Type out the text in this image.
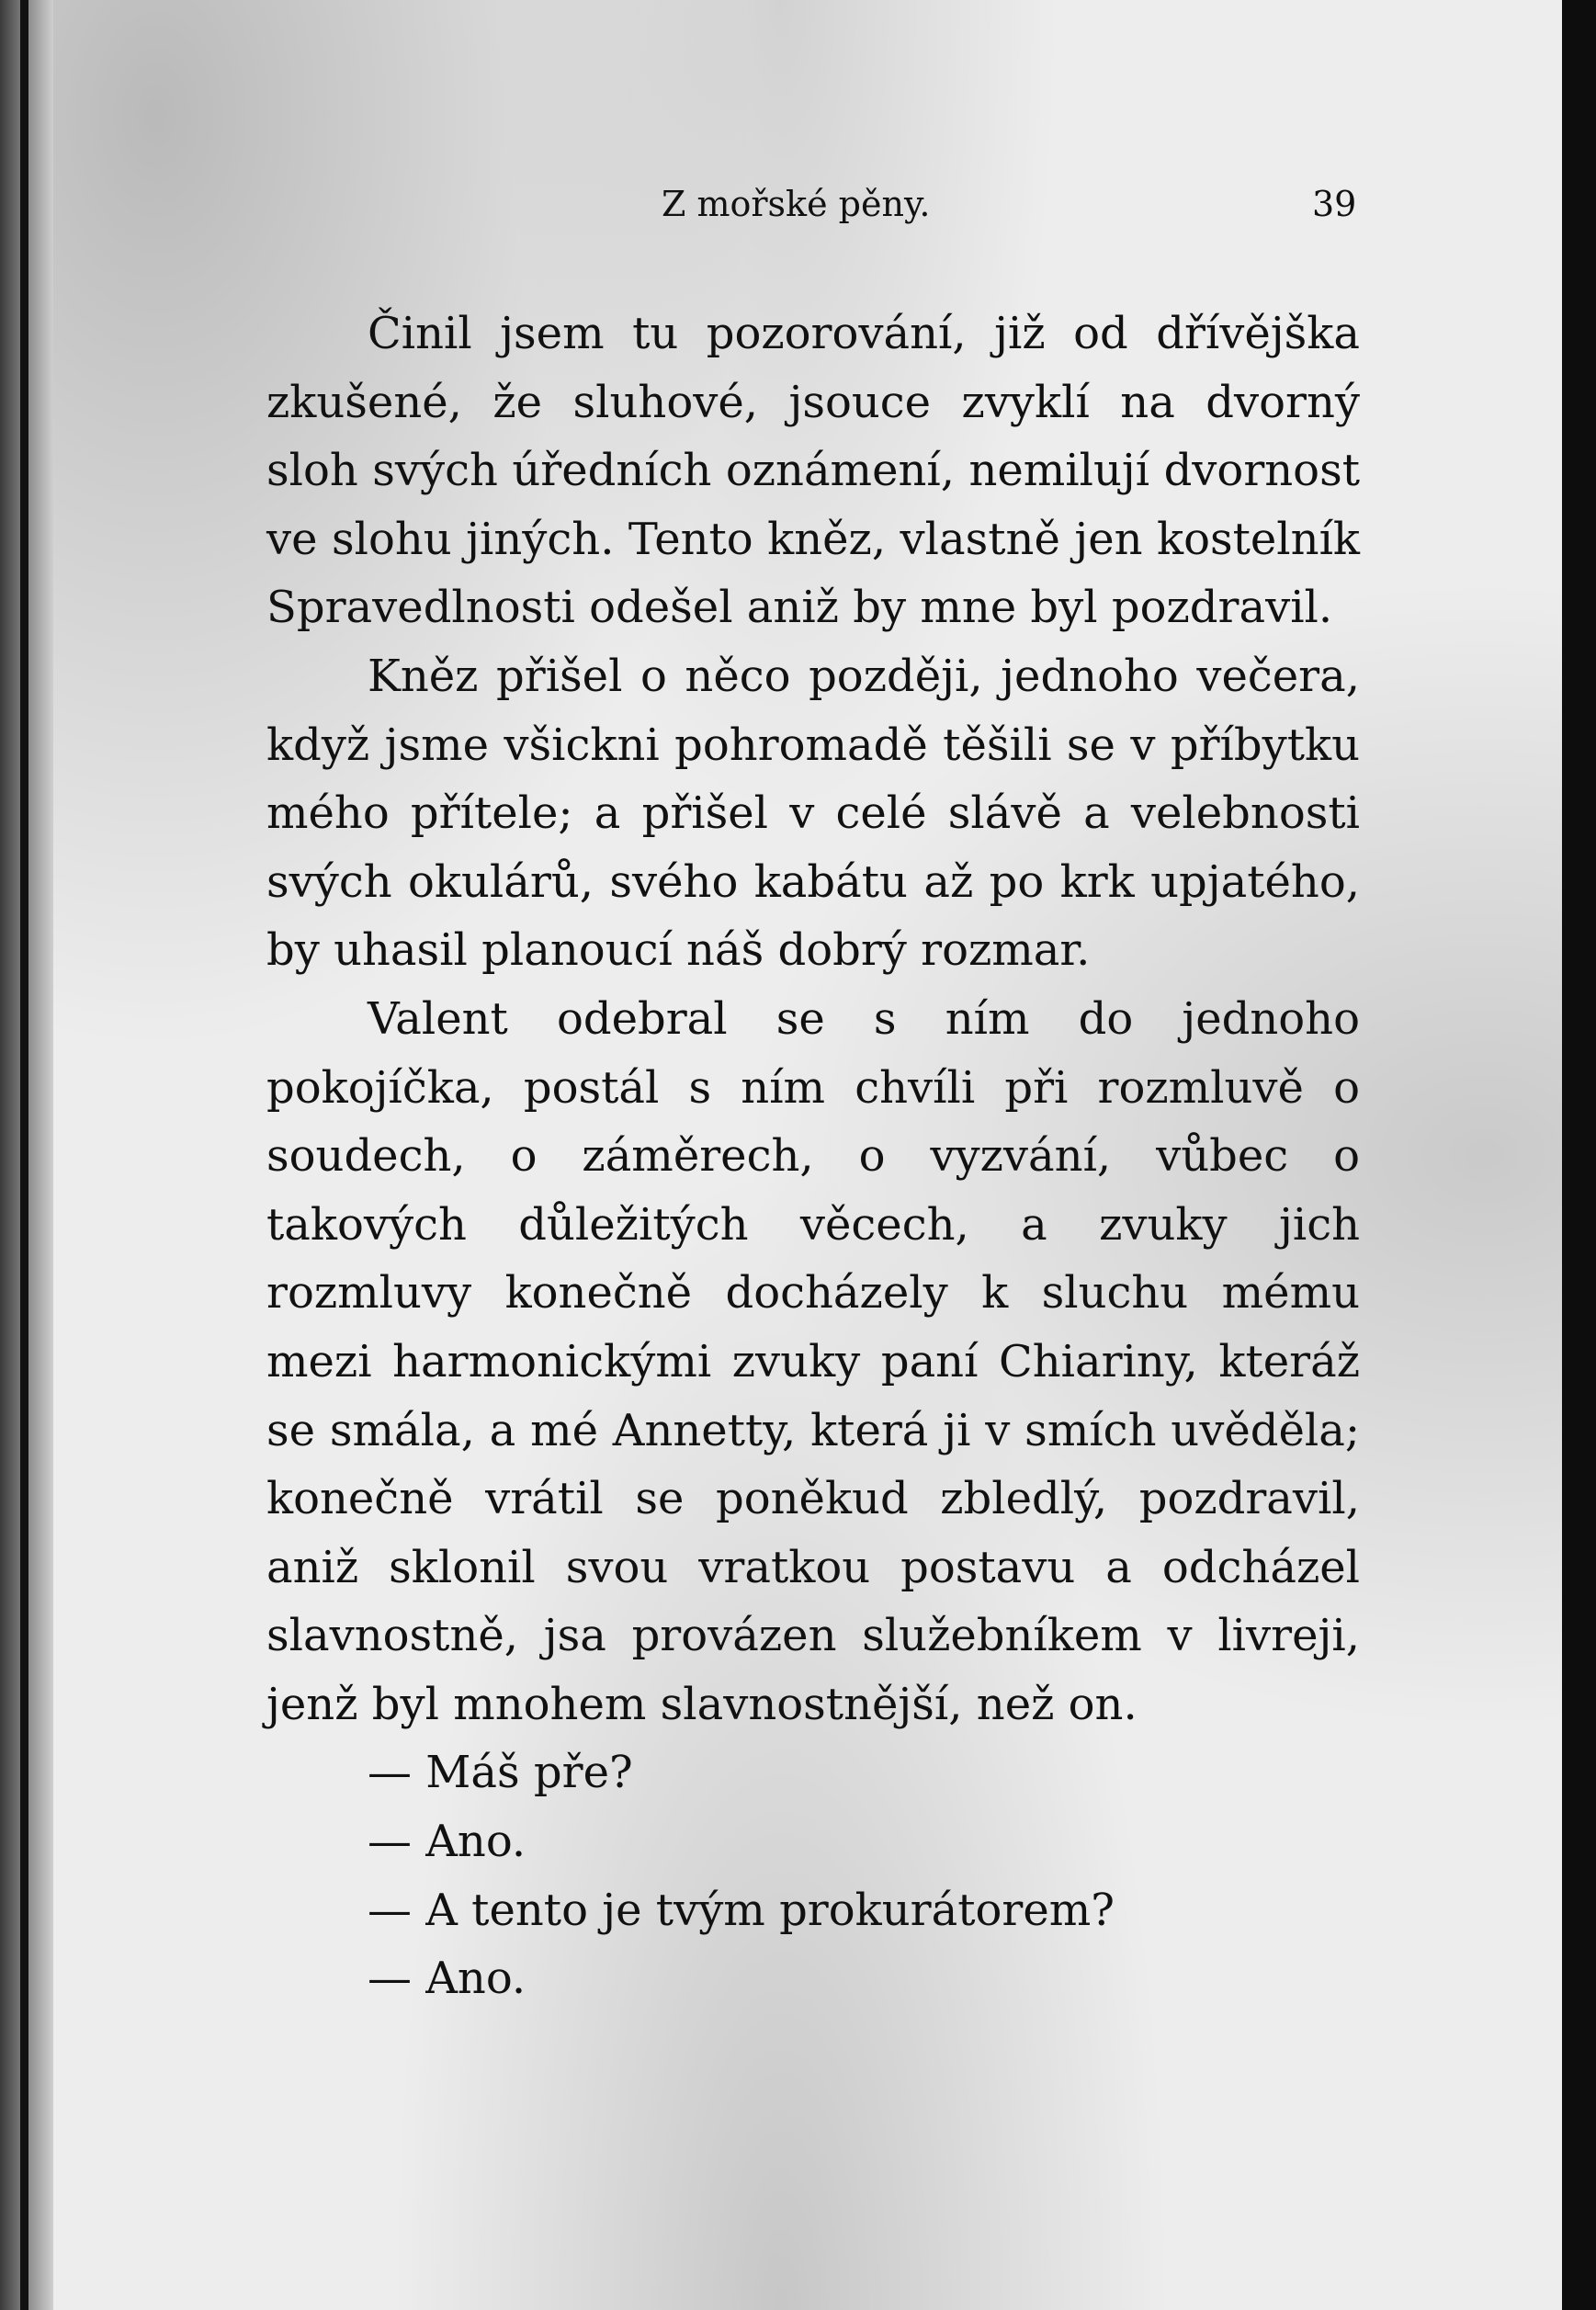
Z mořské pěny.	39

Činil jsem tu pozorování, již od dřívějška zkušené, že sluhové, jsouce zvyklí na dvorný sloh svých úředních oznámení, nemilují dvornost ve slohu jiných. Tento kněz, vlastně jen kostelník Spravedlnosti odešel aniž by mne byl pozdravil.

Kněz přišel o něco později, jednoho večera, když jsme všickni pohromadě těšili se v příbytku mého přítele; a přišel v celé slávě a velebnosti svých okulárů, svého kabátu až po krk upjatého, by uhasil planoucí náš dobrý rozmar.

Valent odebral se s ním do jednoho pokojíčka, postál s ním chvíli při rozmluvě o soudech, o záměrech, o vyzvání, vůbec o takových důležitých věcech, a zvuky jich rozmluvy konečně docházely k sluchu mému mezi harmonickými zvuky paní Chiariny, kteráž se smála, a mé Annetty, která ji v smích uvěděla; konečně vrátil se poněkud zbledlý, pozdravil, aniž sklonil svou vratkou postavu a odcházel slavnostně, jsa provázen služebníkem v livreji, jenž byl mnohem slavnostnější, než on.

— Máš pře?

— Ano.

— A tento je tvým prokurátorem?

— Ano.
